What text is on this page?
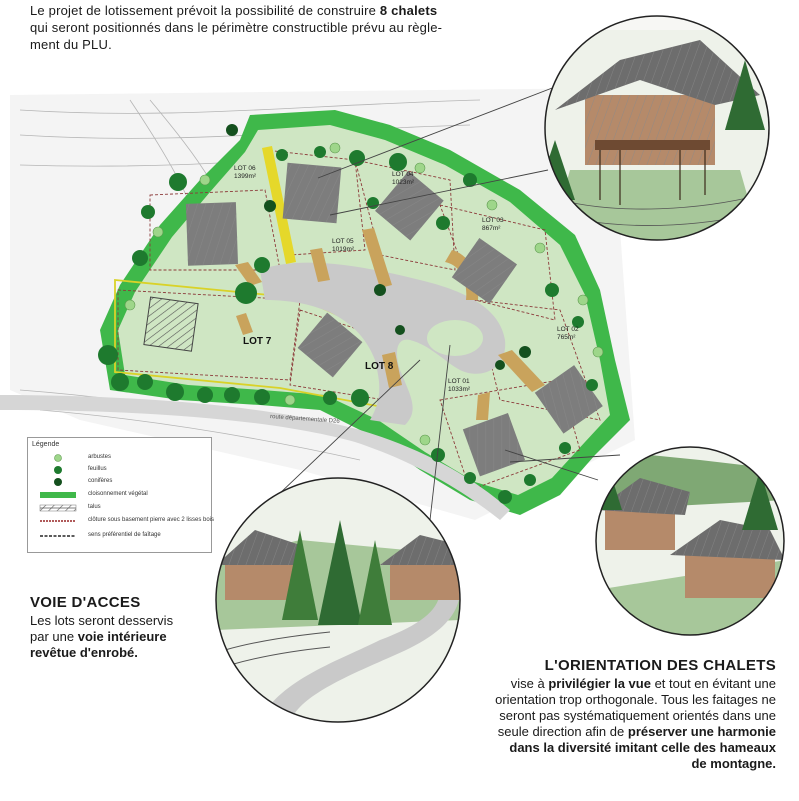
Le projet de lotissement prévoit la possibilité de construire 8 chalets
qui seront positionnés dans le périmètre constructible prévu au règle-
ment du PLU.
route départementale D26
LOT 06
1399m²	LOT 04
1023m²
LOT 05
1019m²
LOT 03
867m²
LOT 02
765m²
LOT 01
1033m²
LOT 7
LOT 8
Légende
arbustes
feuillus
conifères
cloisonnement végétal
talus
clôture sous basement pierre avec 2 lisses bois
sens préférentiel de faîtage
VOIE D'ACCES
Les lots seront desservis
par une voie intérieure
revêtue d'enrobé.
L'ORIENTATION DES CHALETS
vise à privilégier la vue et tout en évitant une
orientation trop orthogonale. Tous les faitages ne
seront pas systématiquement orientés dans une
seule direction afin de préserver une harmonie
dans la diversité imitant celle des hameaux
de montagne.
